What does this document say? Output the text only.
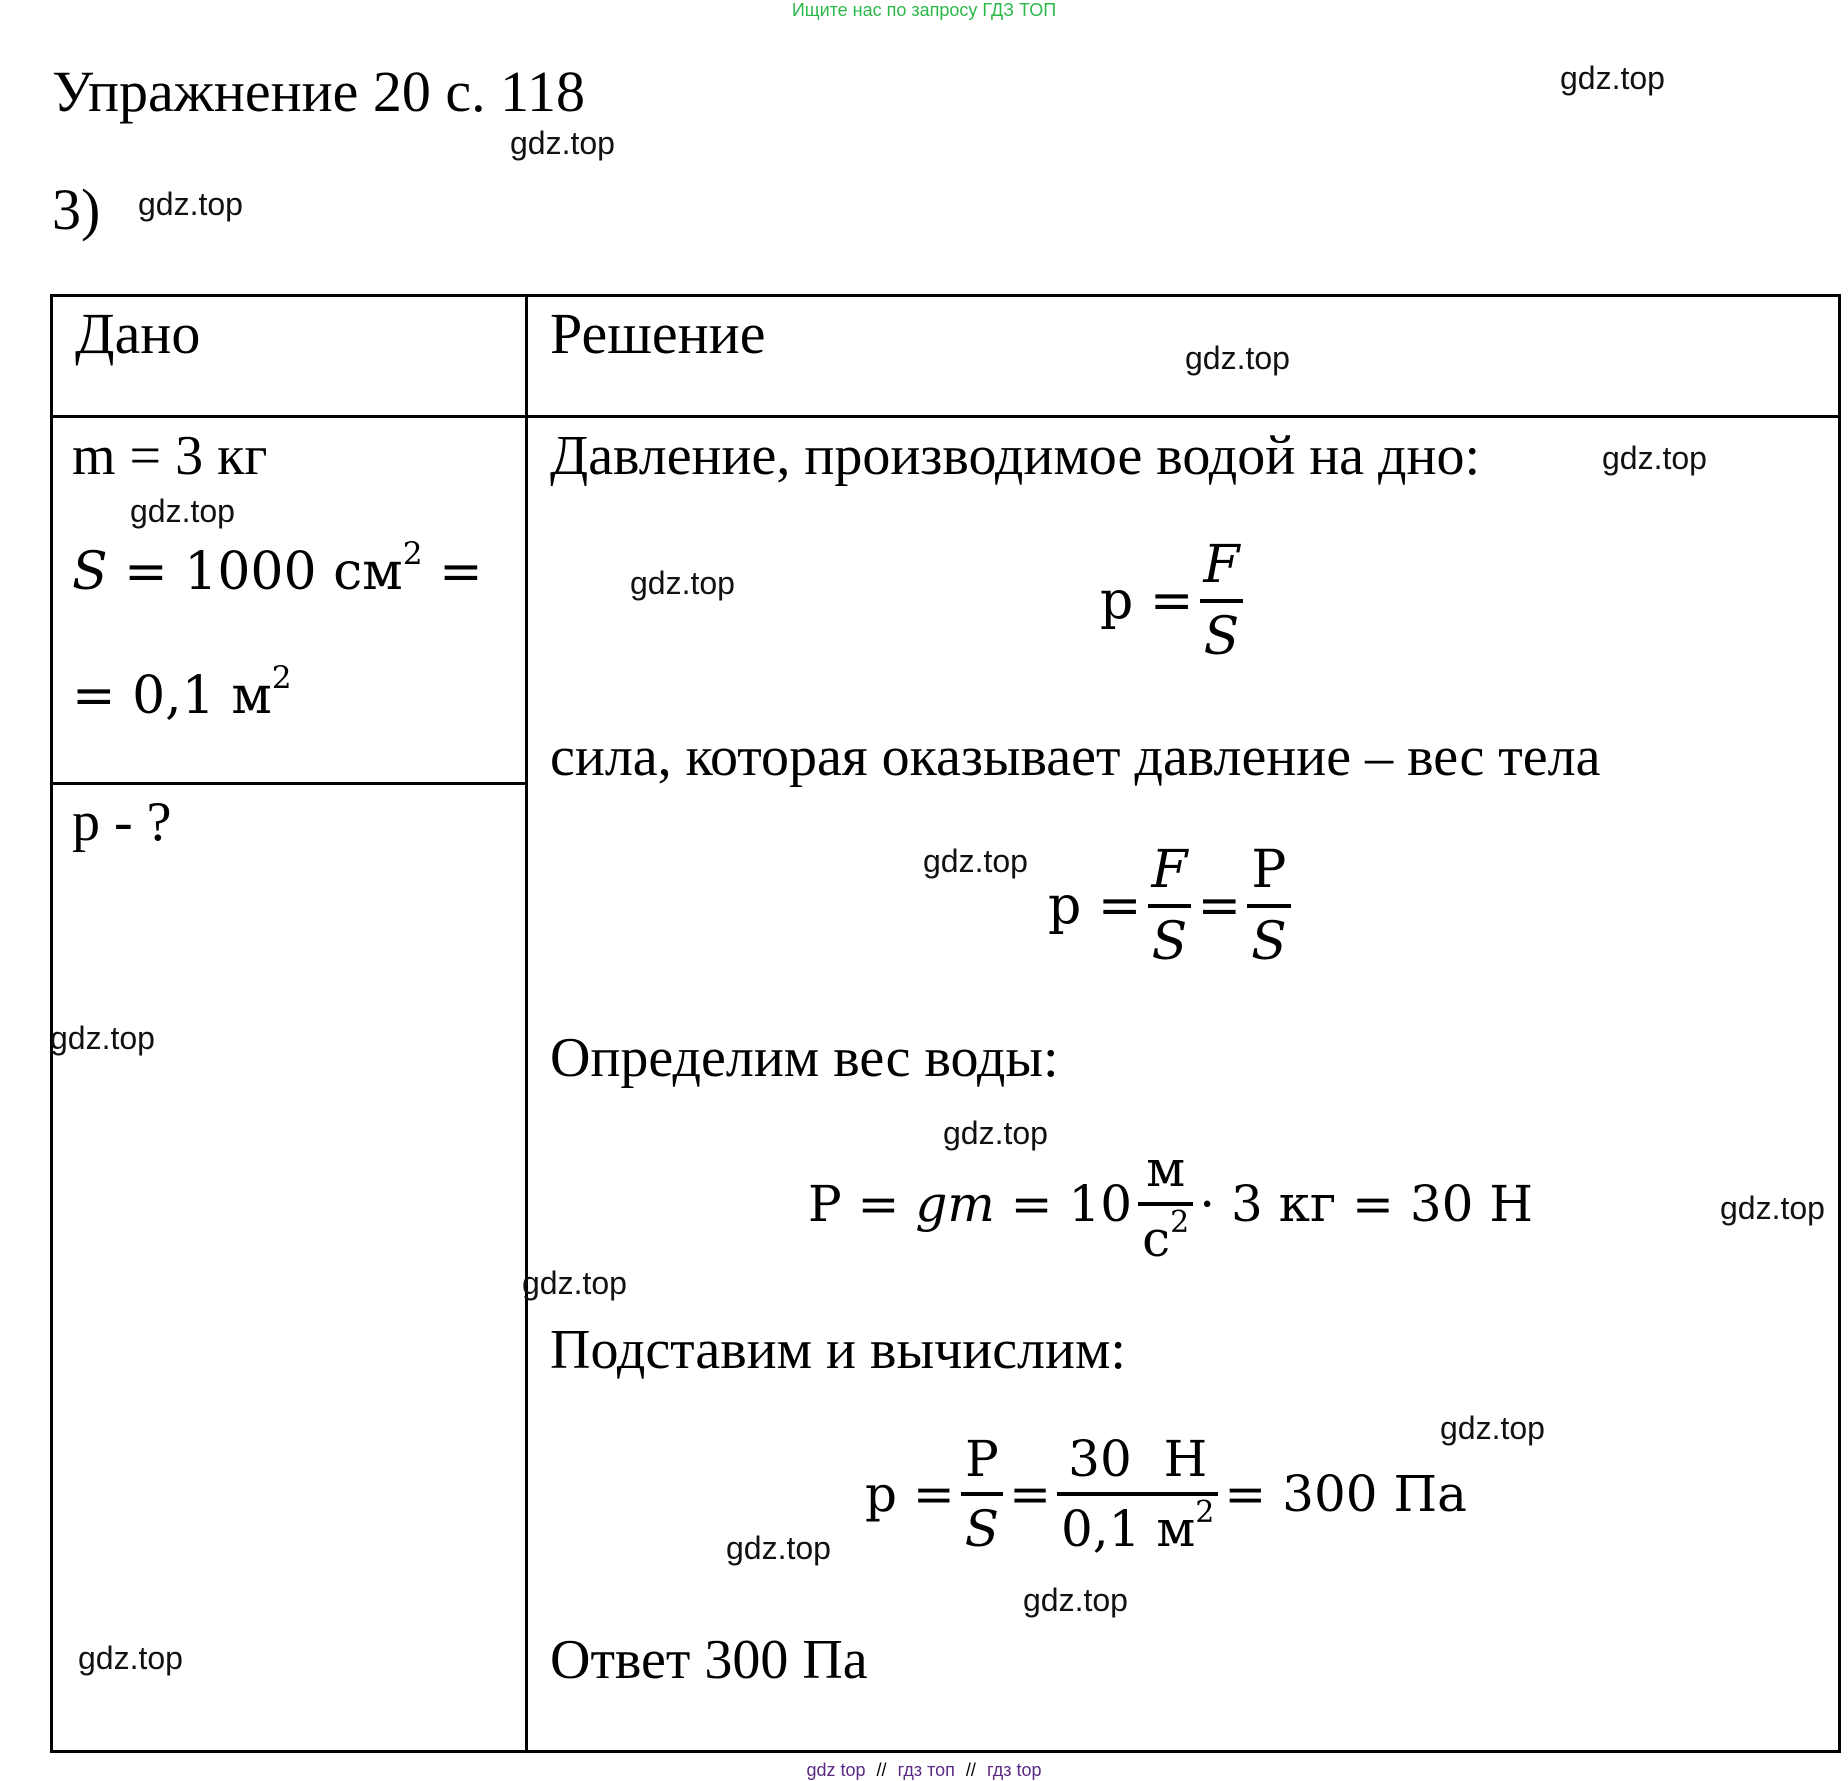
Ищите нас по запросу ГДЗ ТОП
Упражнение 20 с. 118
3)
Дано	Решение
m = 3 кг
S = 1000 $см^2$ =
= 0,1 $м^2$
p - ?
Давление, производимое водой на дно:
$p = \frac{F}{S}$
сила, которая оказывает давление – вес тела
$p = \frac{F}{S} = \frac{P}{S}$
Определим вес воды:
P =
gm
= $10 \frac{м}{с^2} \cdot 3$ кг = 30 Н
Подставим и вычислим:
$p = \frac{P}{S} = \frac{30 Н}{0,1 м^2} = 300$ Па
Ответ 300 Па
gdz.top
gdz.top
gdz.top
gdz.top
gdz.top
gdz.top
gdz.top
gdz.top
gdz.top
gdz.top
gdz.top
gdz.top
gdz.top
gdz.top
gdz.top
gdz.top
gdz top // гдз топ // гдз top
